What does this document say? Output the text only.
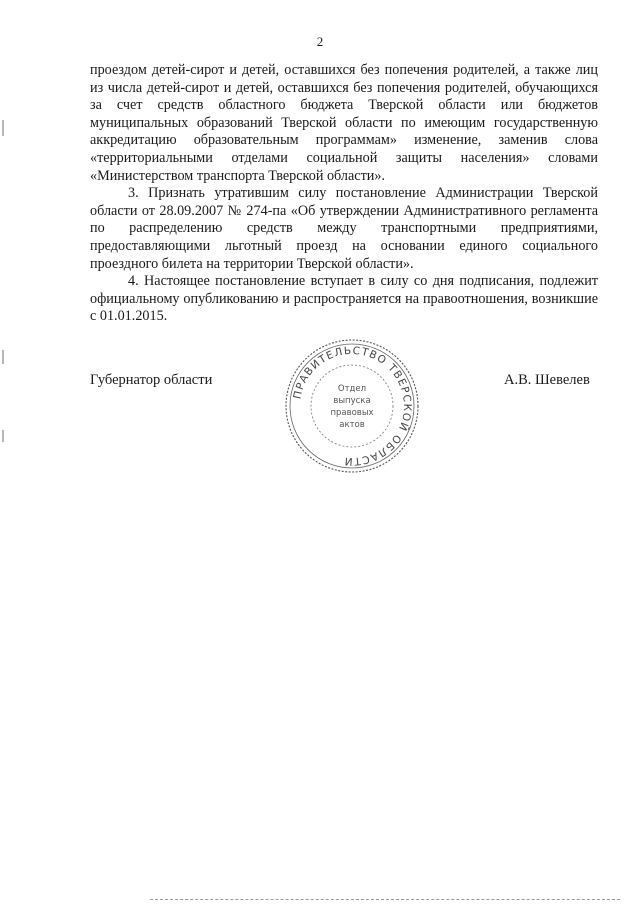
2

проездом детей-сирот и детей, оставшихся без попечения родителей, а также лиц из числа детей-сирот и детей, оставшихся без попечения родителей, обучающихся за счет средств областного бюджета Тверской области или бюджетов муниципальных образований Тверской области по имеющим государственную аккредитацию образовательным программам» изменение, заменив слова «территориальными отделами социальной защиты населения» словами «Министерством транспорта Тверской области».

3. Признать утратившим силу постановление Администрации Тверской области от 28.09.2007 № 274-па «Об утверждении Административного регламента по распределению средств между транспортными предприятиями, предоставляющими льготный проезд на основании единого социального проездного билета на территории Тверской области».

4. Настоящее постановление вступает в силу со дня подписания, подлежит официальному опубликованию и распространяется на правоотношения, возникшие с 01.01.2015.

Губернатор области	А.В. Шевелев
ПРАВИТЕЛЬСТВО ТВЕРСКОЙ ОБЛАСТИ
Отдел
выпуска
правовых
актов
